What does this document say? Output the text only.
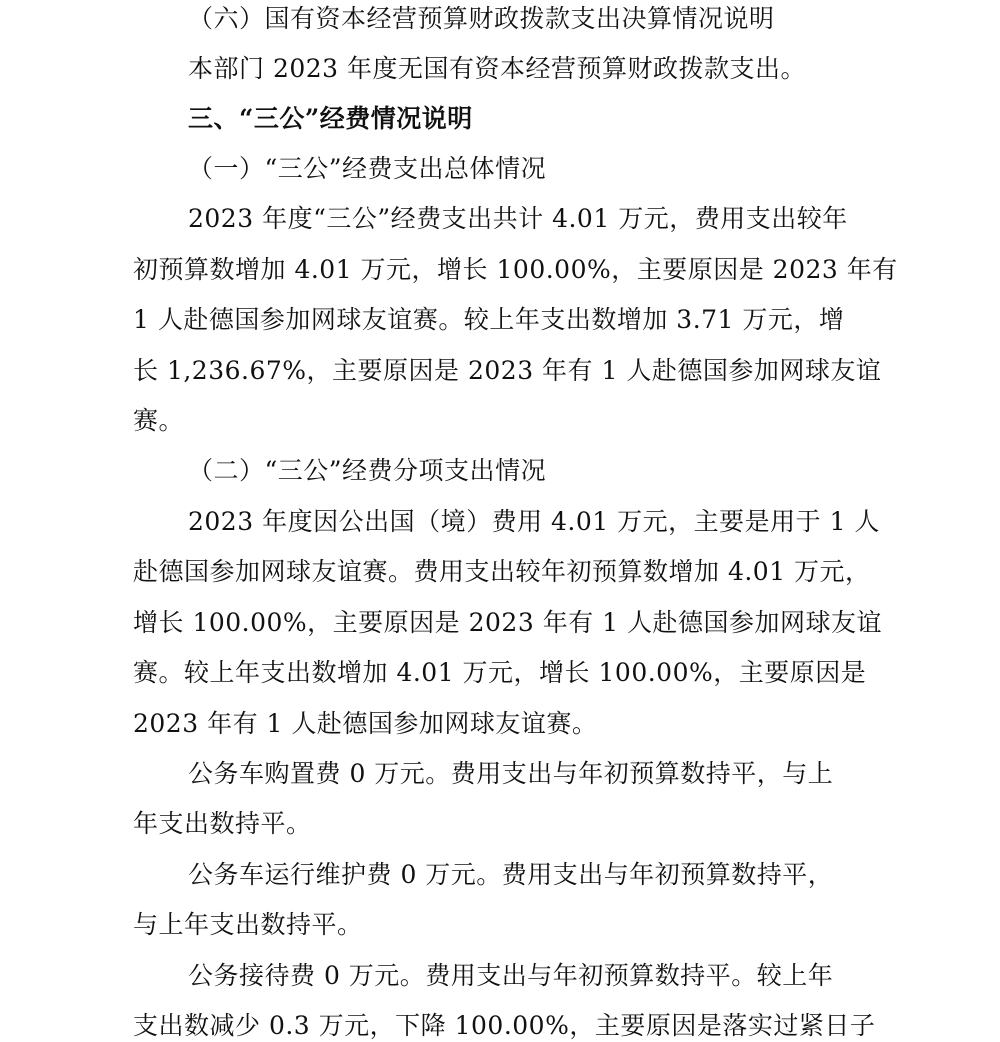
（六）国有资本经营预算财政拨款支出决算情况说明
本部门 2023 年度无国有资本经营预算财政拨款支出。
三、“三公”经费情况说明
（一）“三公”经费支出总体情况
2023 年度“三公”经费支出共计 4.01 万元，费用支出较年
初预算数增加 4.01 万元，增长 100.00%，主要原因是 2023 年有
1 人赴德国参加网球友谊赛。较上年支出数增加 3.71 万元，增
长 1,236.67%，主要原因是 2023 年有 1 人赴德国参加网球友谊
赛。
（二）“三公”经费分项支出情况
2023 年度因公出国（境）费用 4.01 万元，主要是用于 1 人
赴德国参加网球友谊赛。费用支出较年初预算数增加 4.01 万元，
增长 100.00%，主要原因是 2023 年有 1 人赴德国参加网球友谊
赛。较上年支出数增加 4.01 万元，增长 100.00%，主要原因是
2023 年有 1 人赴德国参加网球友谊赛。
公务车购置费 0 万元。费用支出与年初预算数持平，与上
年支出数持平。
公务车运行维护费 0 万元。费用支出与年初预算数持平，
与上年支出数持平。
公务接待费 0 万元。费用支出与年初预算数持平。较上年
支出数减少 0.3 万元，下降 100.00%，主要原因是落实过紧日子
